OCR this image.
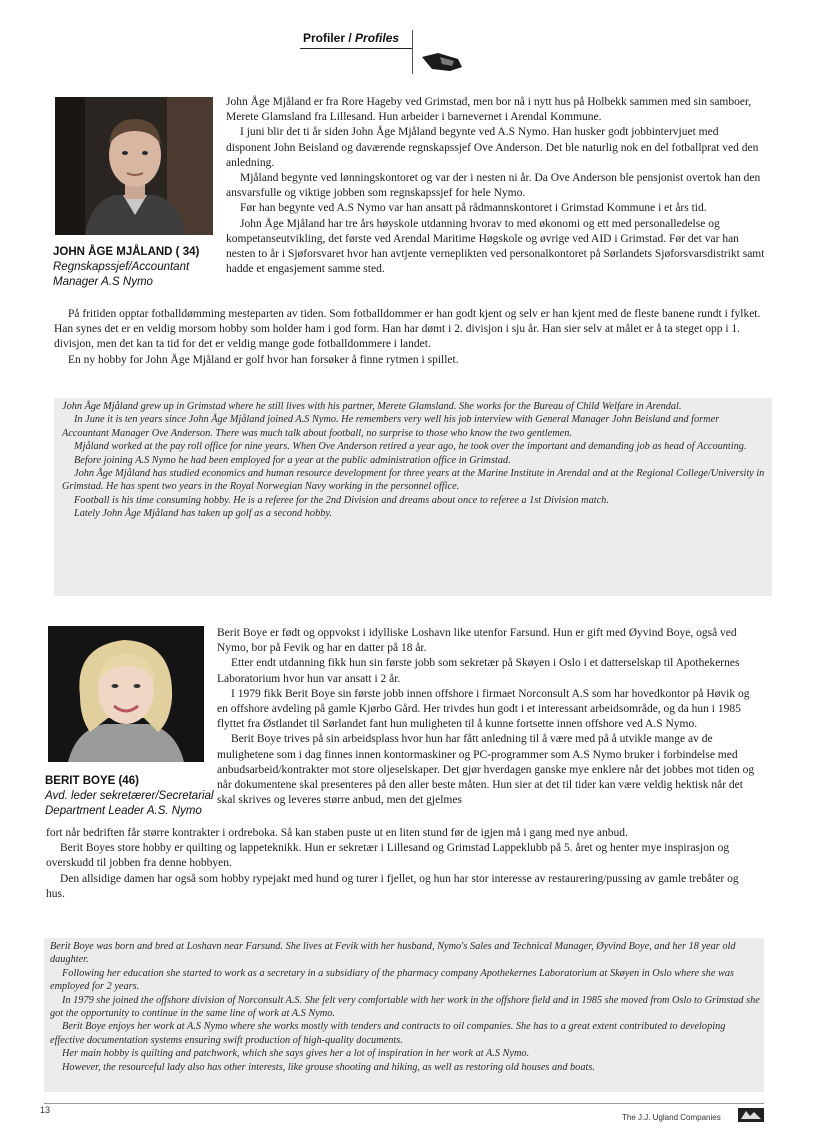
Profiler / Profiles
JOHN ÅGE MJÅLAND ( 34)
Regnskapssjef/Accountant
Manager A.S Nymo

John Åge Mjåland er fra Rore Hageby ved Grimstad, men bor nå i nytt hus på Holbekk sammen med sin samboer, Merete Glamsland fra Lillesand. Hun arbeider i barnevernet i Arendal Kommune.

I juni blir det ti år siden John Åge Mjåland begynte ved A.S Nymo. Han husker godt jobbintervjuet med disponent John Beisland og daværende regnskapssjef Ove Anderson. Det ble naturlig nok en del fotballprat ved den anledning.

Mjåland begynte ved lønningskontoret og var der i nesten ni år. Da Ove Anderson ble pensjonist overtok han den ansvarsfulle og viktige jobben som regnskapssjef for hele Nymo.

Før han begynte ved A.S Nymo var han ansatt på rådmannskontoret i Grimstad Kommune i et års tid.

John Åge Mjåland har tre års høyskole utdanning hvorav to med økonomi og ett med personalledelse og kompetanseutvikling, det første ved Arendal Maritime Høgskole og øvrige ved AID i Grimstad. Før det var han nesten to år i Sjøforsvaret hvor han avtjente verneplikten ved personalkontoret på Sørlandets Sjøforsvarsdistrikt samt hadde et engasjement samme sted.

På fritiden opptar fotballdømming mesteparten av tiden. Som fotballdommer er han godt kjent og selv er han kjent med de fleste banene rundt i fylket. Han synes det er en veldig morsom hobby som holder ham i god form. Han har dømt i 2. divisjon i sju år. Han sier selv at målet er å ta steget opp i 1. divisjon, men det kan ta tid for det er veldig mange gode fotballdommere i landet.

En ny hobby for John Åge Mjåland er golf hvor han forsøker å finne rytmen i spillet.

John Åge Mjåland grew up in Grimstad where he still lives with his partner, Merete Glamsland. She works for the Bureau of Child Welfare in Arendal.

In June it is ten years since John Åge Mjåland joined A.S Nymo. He remembers very well his job interview with General Manager John Beisland and former Accountant Manager Ove Anderson. There was much talk about football, no surprise to those who know the two gentlemen.

Mjåland worked at the pay roll office for nine years. When Ove Anderson retired a year ago, he took over the important and demanding job as head of Accounting.

Before joining A.S Nymo he had been employed for a year at the public administration office in Grimstad.

John Åge Mjåland has studied economics and human resource development for three years at the Marine Institute in Arendal and at the Regional College/University in Grimstad. He has spent two years in the Royal Norwegian Navy working in the personnel office.

Football is his time consuming hobby. He is a referee for the 2nd Division and dreams about once to referee a 1st Division match.

Lately John Åge Mjåland has taken up golf as a second hobby.

BERIT BOYE (46)
Avd. leder sekretærer/Secretarial
Department Leader A.S. Nymo

Berit Boye er født og oppvokst i idylliske Loshavn like utenfor Farsund. Hun er gift med Øyvind Boye, også ved Nymo, bor på Fevik og har en datter på 18 år.

Etter endt utdanning fikk hun sin første jobb som sekretær på Skøyen i Oslo i et datterselskap til Apothekernes Laboratorium hvor hun var ansatt i 2 år.

I 1979 fikk Berit Boye sin første jobb innen offshore i firmaet Norconsult A.S som har hovedkontor på Høvik og en offshore avdeling på gamle Kjørbo Gård. Her trivdes hun godt i et interessant arbeidsområde, og da hun i 1985 flyttet fra Østlandet til Sørlandet fant hun muligheten til å kunne fortsette innen offshore ved A.S Nymo.

Berit Boye trives på sin arbeidsplass hvor hun har fått anledning til å være med på å utvikle mange av de mulighetene som i dag finnes innen kontormaskiner og PC-programmer som A.S Nymo bruker i forbindelse med anbudsarbeid/kontrakter mot store oljeselskaper. Det gjør hverdagen ganske mye enklere når det jobbes mot tiden og når dokumentene skal presenteres på den aller beste måten. Hun sier at det til tider kan være veldig hektisk når det skal skrives og leveres større anbud, men det gjelmes

fort når bedriften får større kontrakter i ordreboka. Så kan staben puste ut en liten stund før de igjen må i gang med nye anbud.

Berit Boyes store hobby er quilting og lappeteknikk. Hun er sekretær i Lillesand og Grimstad Lappeklubb på 5. året og henter mye inspirasjon og overskudd til jobben fra denne hobbyen.

Den allsidige damen har også som hobby rypejakt med hund og turer i fjellet, og hun har stor interesse av restaurering/pussing av gamle trebåter og hus.

Berit Boye was born and bred at Loshavn near Farsund. She lives at Fevik with her husband, Nymo's Sales and Technical Manager, Øyvind Boye, and her 18 year old daughter.

Following her education she started to work as a secretary in a subsidiary of the pharmacy company Apothekernes Laboratorium at Skøyen in Oslo where she was employed for 2 years.

In 1979 she joined the offshore division of Norconsult A.S. She felt very comfortable with her work in the offshore field and in 1985 she moved from Oslo to Grimstad she got the opportunity to continue in the same line of work at A.S Nymo.

Berit Boye enjoys her work at A.S Nymo where she works mostly with tenders and contracts to oil companies. She has to a great extent contributed to developing effective documentation systems ensuring swift production of high-quality documents.

Her main hobby is quilting and patchwork, which she says gives her a lot of inspiration in her work at A.S Nymo.

However, the resourceful lady also has other interests, like grouse shooting and hiking, as well as restoring old houses and boats.

13
The J.J. Ugland Companies
